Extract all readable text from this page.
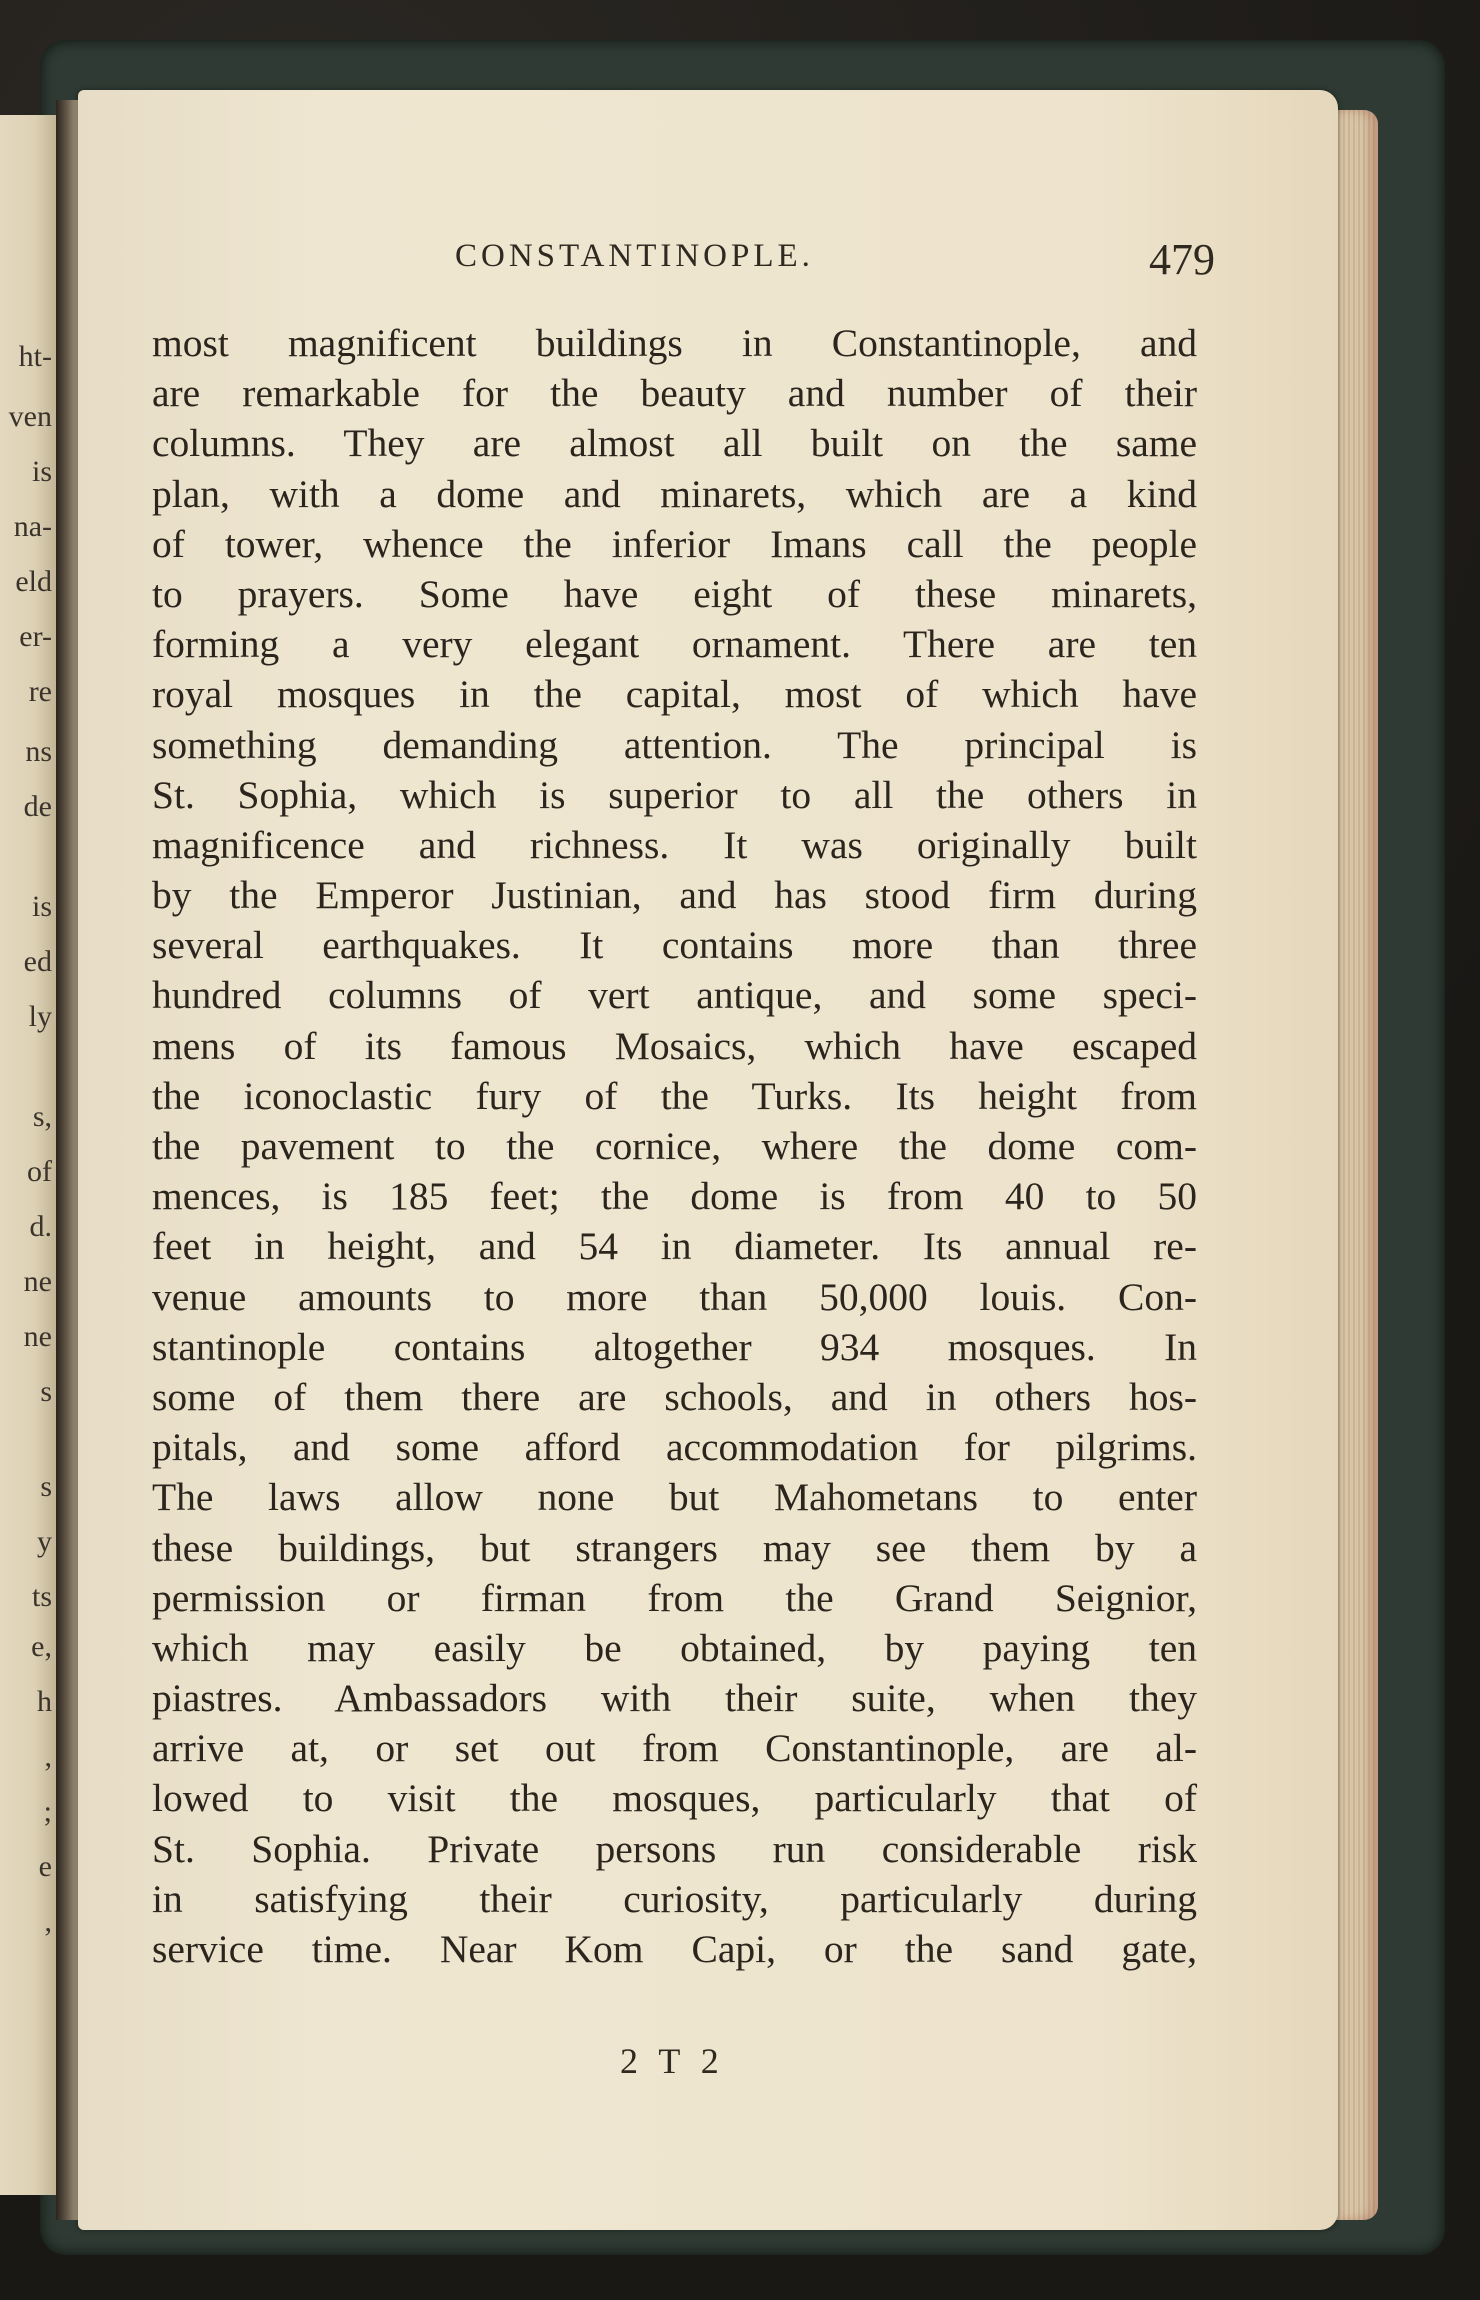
ht-
ven
is
na-
eld
er-
re
ns
de
is
ed
ly
s,
of
d.
ne
ne
s
s
y
ts
e,
h
,
;
e
,
CONSTANTINOPLE.	479
most magnificent buildings in Constantinople, and
are remarkable for the beauty and number of their
columns. They are almost all built on the same
plan, with a dome and minarets, which are a kind
of tower, whence the inferior Imans call the people
to prayers. Some have eight of these minarets,
forming a very elegant ornament. There are ten
royal mosques in the capital, most of which have
something demanding attention. The principal is
St. Sophia, which is superior to all the others in
magnificence and richness. It was originally built
by the Emperor Justinian, and has stood firm during
several earthquakes. It contains more than three
hundred columns of vert antique, and some speci-
mens of its famous Mosaics, which have escaped
the iconoclastic fury of the Turks. Its height from
the pavement to the cornice, where the dome com-
mences, is 185 feet; the dome is from 40 to 50
feet in height, and 54 in diameter. Its annual re-
venue amounts to more than 50,000 louis. Con-
stantinople contains altogether 934 mosques. In
some of them there are schools, and in others hos-
pitals, and some afford accommodation for pilgrims.
The laws allow none but Mahometans to enter
these buildings, but strangers may see them by a
permission or firman from the Grand Seignior,
which may easily be obtained, by paying ten
piastres. Ambassadors with their suite, when they
arrive at, or set out from Constantinople, are al-
lowed to visit the mosques, particularly that of
St. Sophia. Private persons run considerable risk
in satisfying their curiosity, particularly during
service time. Near Kom Capi, or the sand gate,
2 T 2
